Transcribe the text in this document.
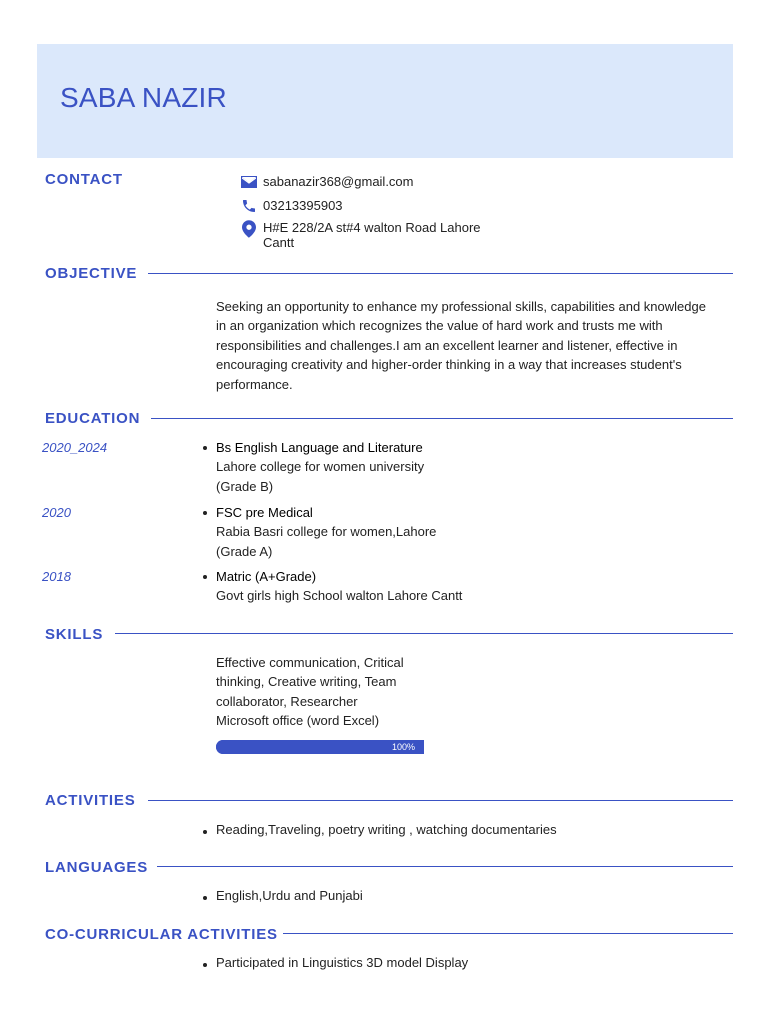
SABA NAZIR
CONTACT	sabanazir368@gmail.com
03213395903
H#E 228/2A st#4 walton Road Lahore
Cantt
OBJECTIVE
Seeking an opportunity to enhance my professional skills, capabilities and knowledge
in an organization which recognizes the value of hard work and trusts me with
responsibilities and challenges.I am an excellent learner and listener, effective in
encouraging creativity and higher-order thinking in a way that increases student's
performance.
EDUCATION
2020_2024	Bs English Language and Literature
Lahore college for women university
(Grade B)
2020	FSC pre Medical
Rabia Basri college for women,Lahore
(Grade A)
2018	Matric (A+Grade)
Govt girls high School walton Lahore Cantt
SKILLS
Effective communication, Critical
thinking, Creative writing, Team
collaborator, Researcher
Microsoft office (word Excel)
100%
ACTIVITIES
Reading,Traveling, poetry writing , watching documentaries
LANGUAGES
English,Urdu and Punjabi
CO-CURRICULAR ACTIVITIES
Participated in Linguistics 3D model Display
